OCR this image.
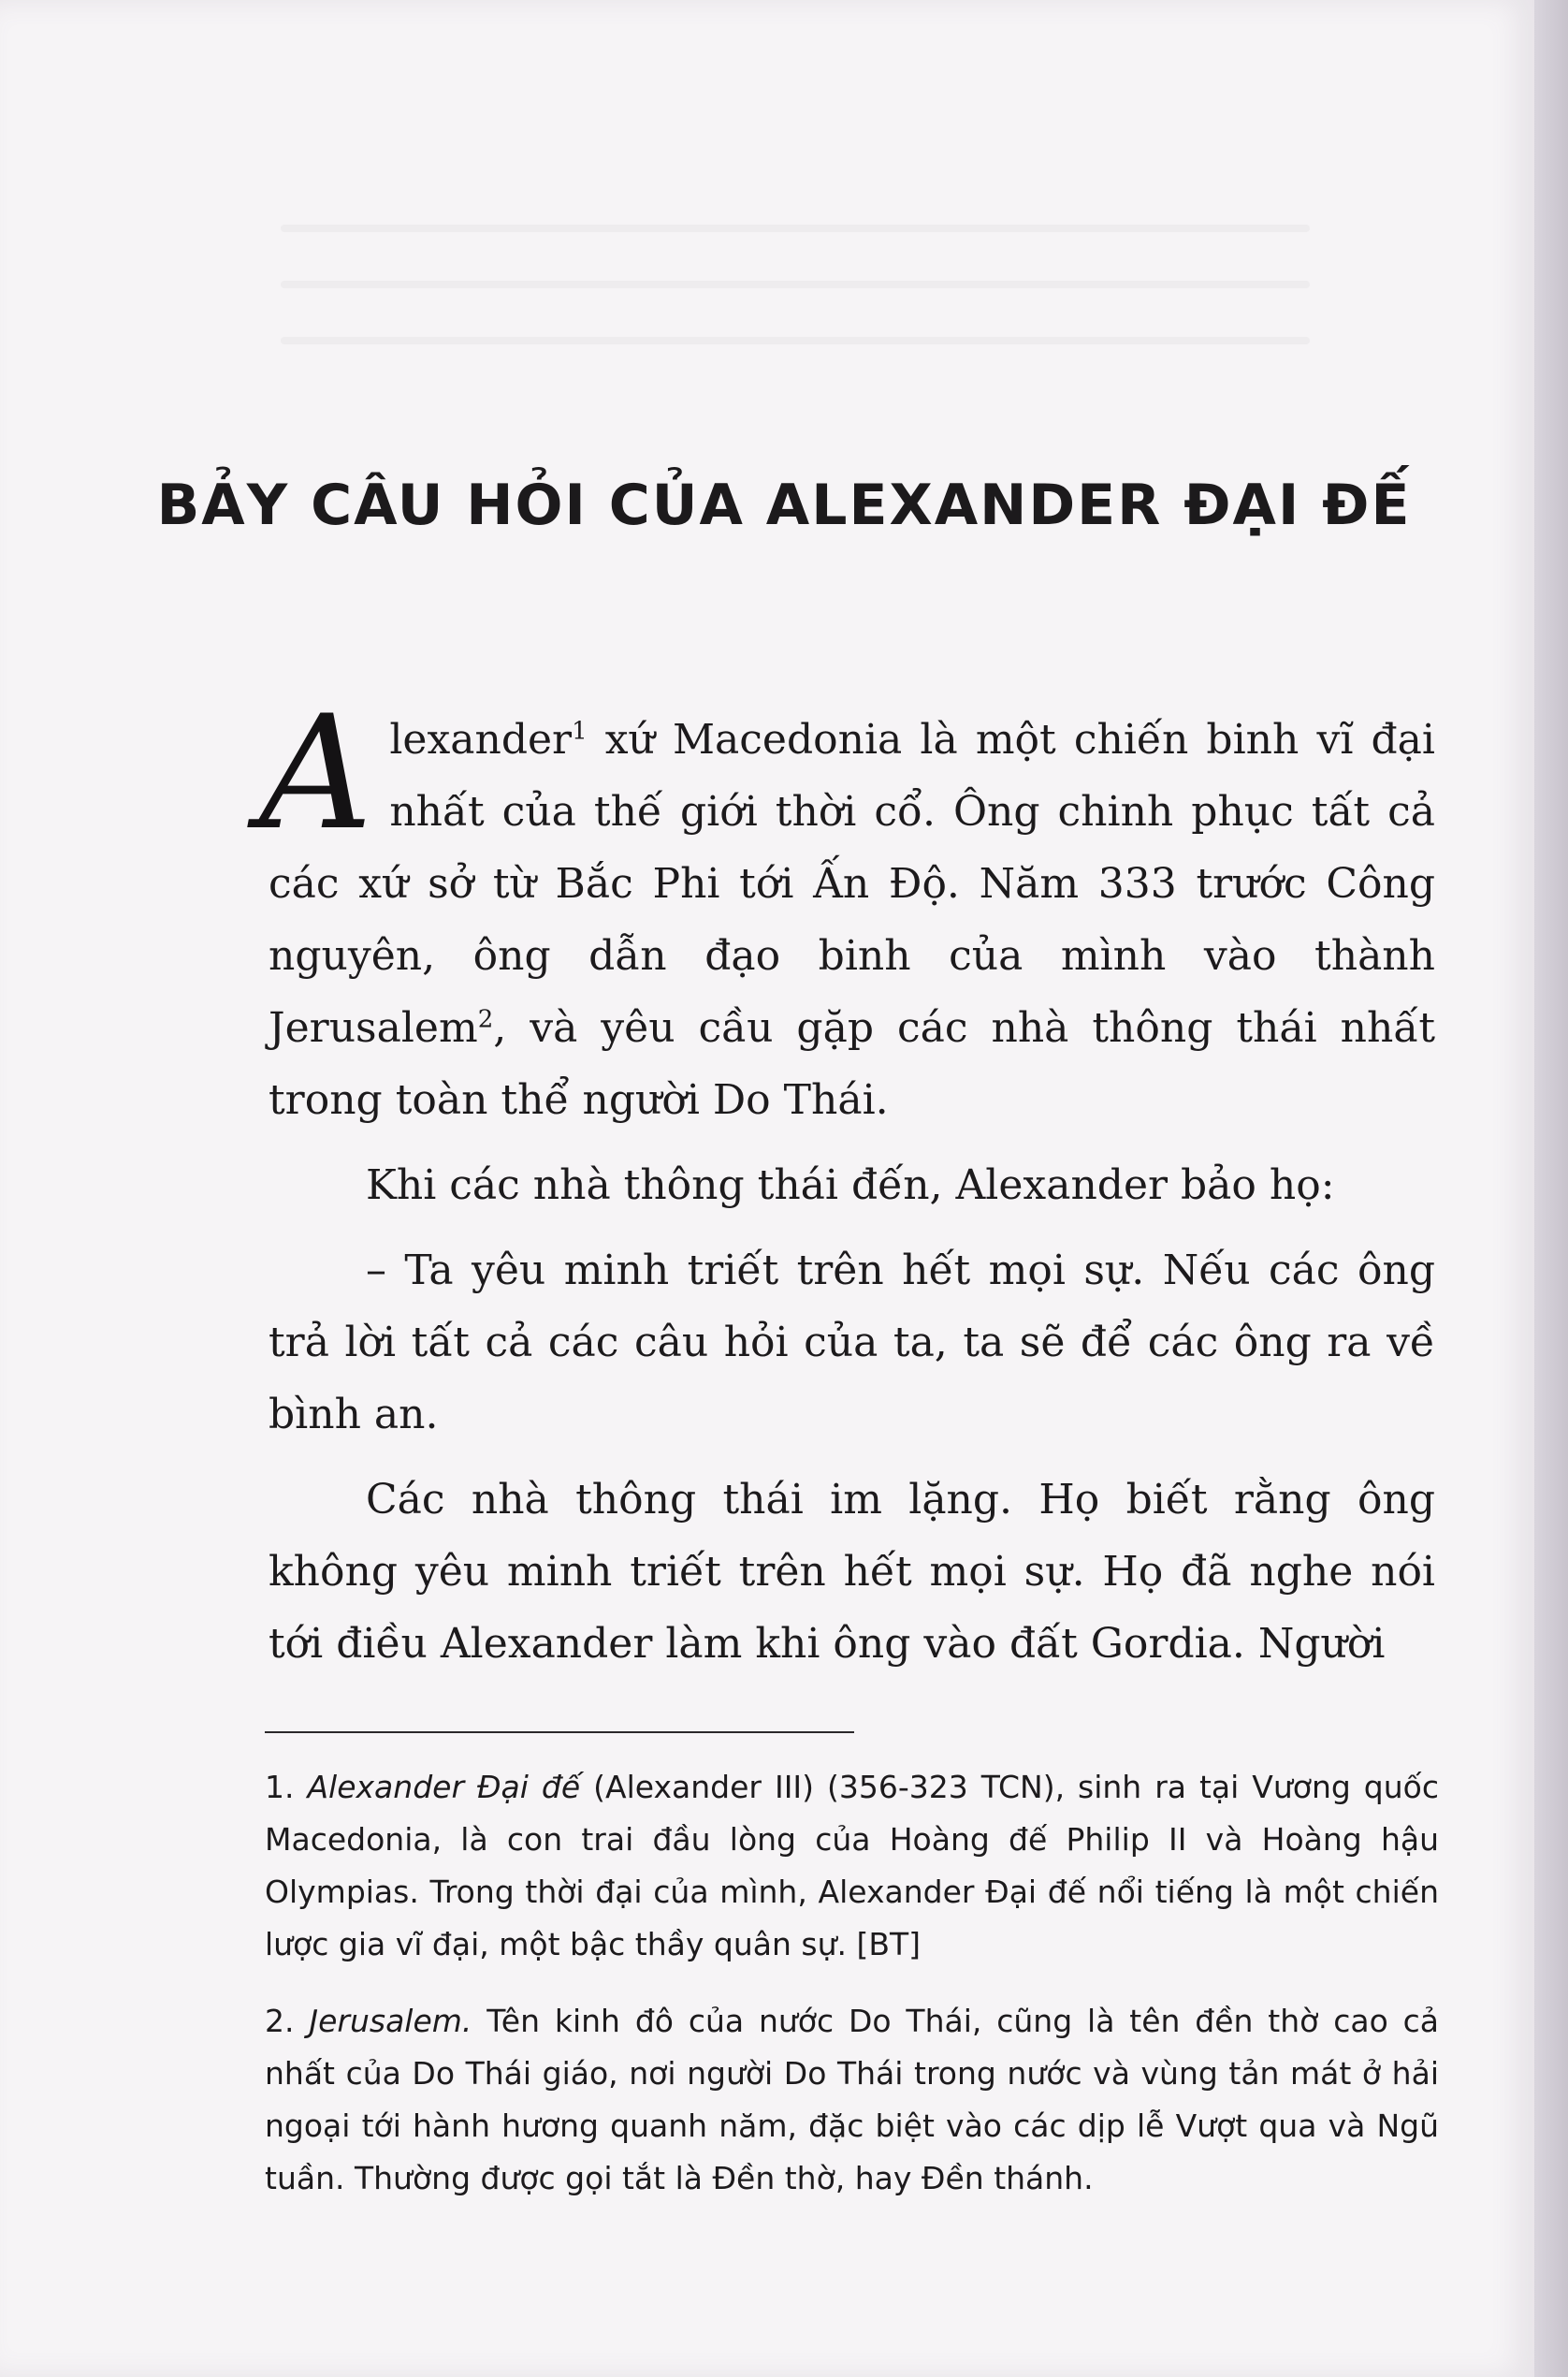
BẢY CÂU HỎI CỦA ALEXANDER ĐẠI ĐẾ

Alexander$^1$ xứ Macedonia là một chiến binh vĩ đại nhất của thế giới thời cổ. Ông chinh phục tất cả các xứ sở từ Bắc Phi tới Ấn Độ. Năm 333 trước Công nguyên, ông dẫn đạo binh của mình vào thành Jerusalem$^2$, và yêu cầu gặp các nhà thông thái nhất trong toàn thể người Do Thái.

Khi các nhà thông thái đến, Alexander bảo họ:

– Ta yêu minh triết trên hết mọi sự. Nếu các ông trả lời tất cả các câu hỏi của ta, ta sẽ để các ông ra về bình an.

Các nhà thông thái im lặng. Họ biết rằng ông không yêu minh triết trên hết mọi sự. Họ đã nghe nói tới điều Alexander làm khi ông vào đất Gordia. Người

1. Alexander Đại đế (Alexander III) (356-323 TCN), sinh ra tại Vương quốc Macedonia, là con trai đầu lòng của Hoàng đế Philip II và Hoàng hậu Olympias. Trong thời đại của mình, Alexander Đại đế nổi tiếng là một chiến lược gia vĩ đại, một bậc thầy quân sự. [BT]

2. Jerusalem. Tên kinh đô của nước Do Thái, cũng là tên đền thờ cao cả nhất của Do Thái giáo, nơi người Do Thái trong nước và vùng tản mát ở hải ngoại tới hành hương quanh năm, đặc biệt vào các dịp lễ Vượt qua và Ngũ tuần. Thường được gọi tắt là Đền thờ, hay Đền thánh.
